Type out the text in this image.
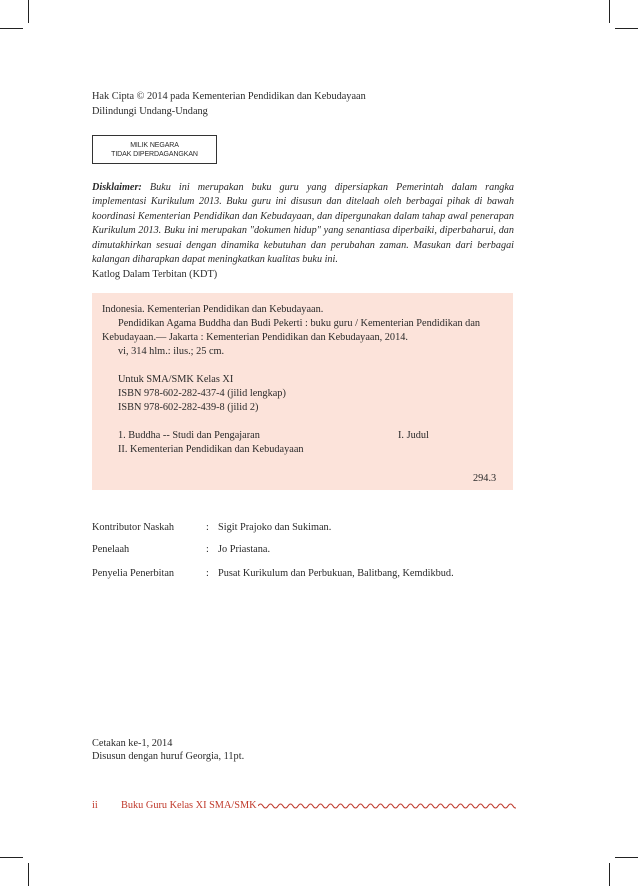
Hak Cipta © 2014 pada Kementerian Pendidikan dan Kebudayaan
Dilindungi Undang-Undang
MILIK NEGARA
TIDAK DIPERDAGANGKAN
Disklaimer: Buku ini merupakan buku guru yang dipersiapkan Pemerintah dalam rangka implementasi Kurikulum 2013. Buku guru ini disusun dan ditelaah oleh berbagai pihak di bawah koordinasi Kementerian Pendidikan dan Kebudayaan, dan dipergunakan dalam tahap awal penerapan Kurikulum 2013. Buku ini merupakan "dokumen hidup" yang senantiasa diperbaiki, diperbaharui, dan dimutakhirkan sesuai dengan dinamika kebutuhan dan perubahan zaman. Masukan dari berbagai kalangan diharapkan dapat meningkatkan kualitas buku ini.
Katlog Dalam Terbitan (KDT)
Indonesia. Kementerian Pendidikan dan Kebudayaan.
Pendidikan Agama Buddha dan Budi Pekerti : buku guru / Kementerian Pendidikan dan
Kebudayaan.— Jakarta : Kementerian Pendidikan dan Kebudayaan, 2014.
vi, 314 hlm.: ilus.; 25 cm.
Untuk SMA/SMK Kelas XI
ISBN 978-602-282-437-4 (jilid lengkap)
ISBN 978-602-282-439-8 (jilid 2)
1. Buddha -- Studi dan Pengajaran	I. Judul
II. Kementerian Pendidikan dan Kebudayaan
294.3
Kontributor Naskah	: Sigit Prajoko dan Sukiman.
Penelaah	: Jo Priastana.
Penyelia Penerbitan	: Pusat Kurikulum dan Perbukuan, Balitbang, Kemdikbud.
Cetakan ke-1, 2014
Disusun dengan huruf Georgia, 11pt.
ii Buku Guru Kelas XI SMA/SMK
